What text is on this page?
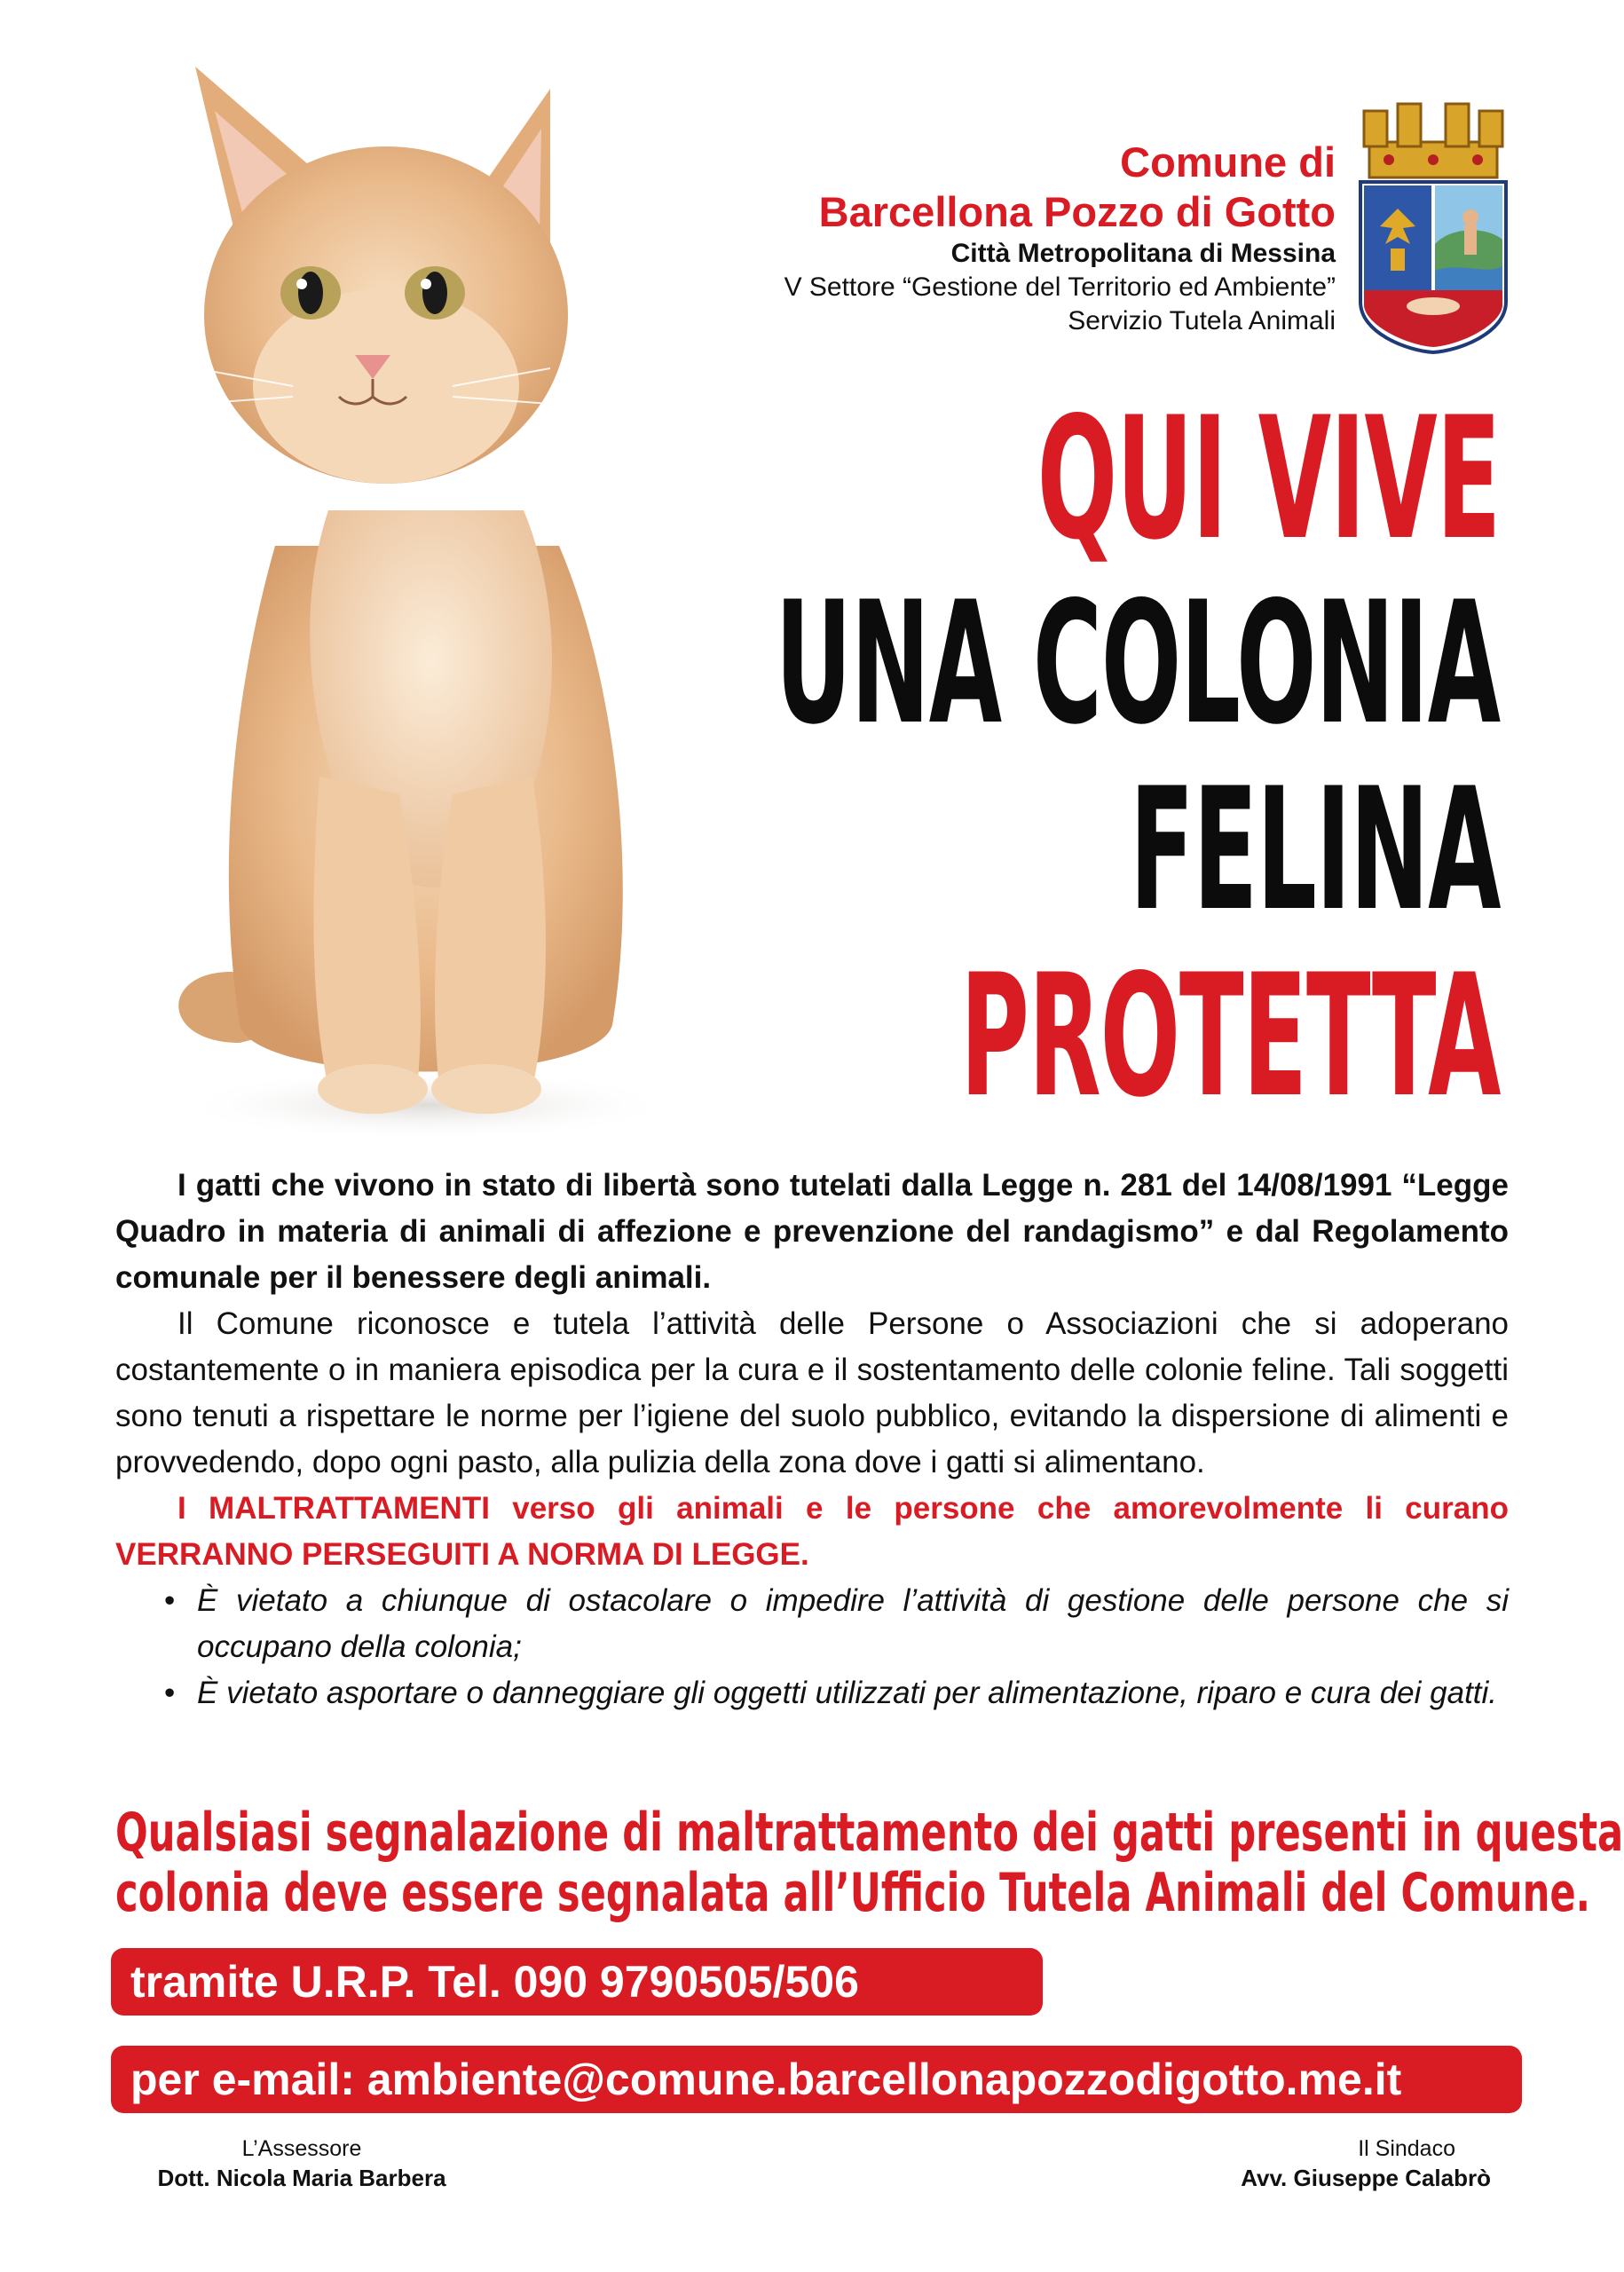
Comune di
Barcellona Pozzo di Gotto
Città Metropolitana di Messina
V Settore “Gestione del Territorio ed Ambiente”
Servizio Tutela Animali
QUI VIVE
UNA COLONIA
FELINA
PROTETTA

I gatti che vivono in stato di libertà sono tutelati dalla Legge n. 281 del 14/08/1991 “Legge Quadro in materia di animali di affezione e prevenzione del randagismo” e dal Regolamento comunale per il benessere degli animali.

Il Comune riconosce e tutela l’attività delle Persone o Associazioni che si adoperano costantemente o in maniera episodica per la cura e il sostentamento delle colonie feline. Tali soggetti sono tenuti a rispettare le norme per l’igiene del suolo pubblico, evitando la dispersione di alimenti e provvedendo, dopo ogni pasto, alla pulizia della zona dove i gatti si alimentano.

I MALTRATTAMENTI verso gli animali e le persone che amorevolmente li curano VERRANNO PERSEGUITI A NORMA DI LEGGE.

• È vietato a chiunque di ostacolare o impedire l’attività di gestione delle persone che si occupano della colonia;
• È vietato asportare o danneggiare gli oggetti utilizzati per alimentazione, riparo e cura dei gatti.
Qualsiasi segnalazione di maltrattamento dei gatti presenti in questa
colonia deve essere segnalata all’Ufficio Tutela Animali del Comune.
tramite U.R.P. Tel. 090 9790505/506
per e-mail: ambiente@comune.barcellonapozzodigotto.me.it
L’Assessore
Dott. Nicola Maria Barbera
Il Sindaco
Avv. Giuseppe Calabrò
